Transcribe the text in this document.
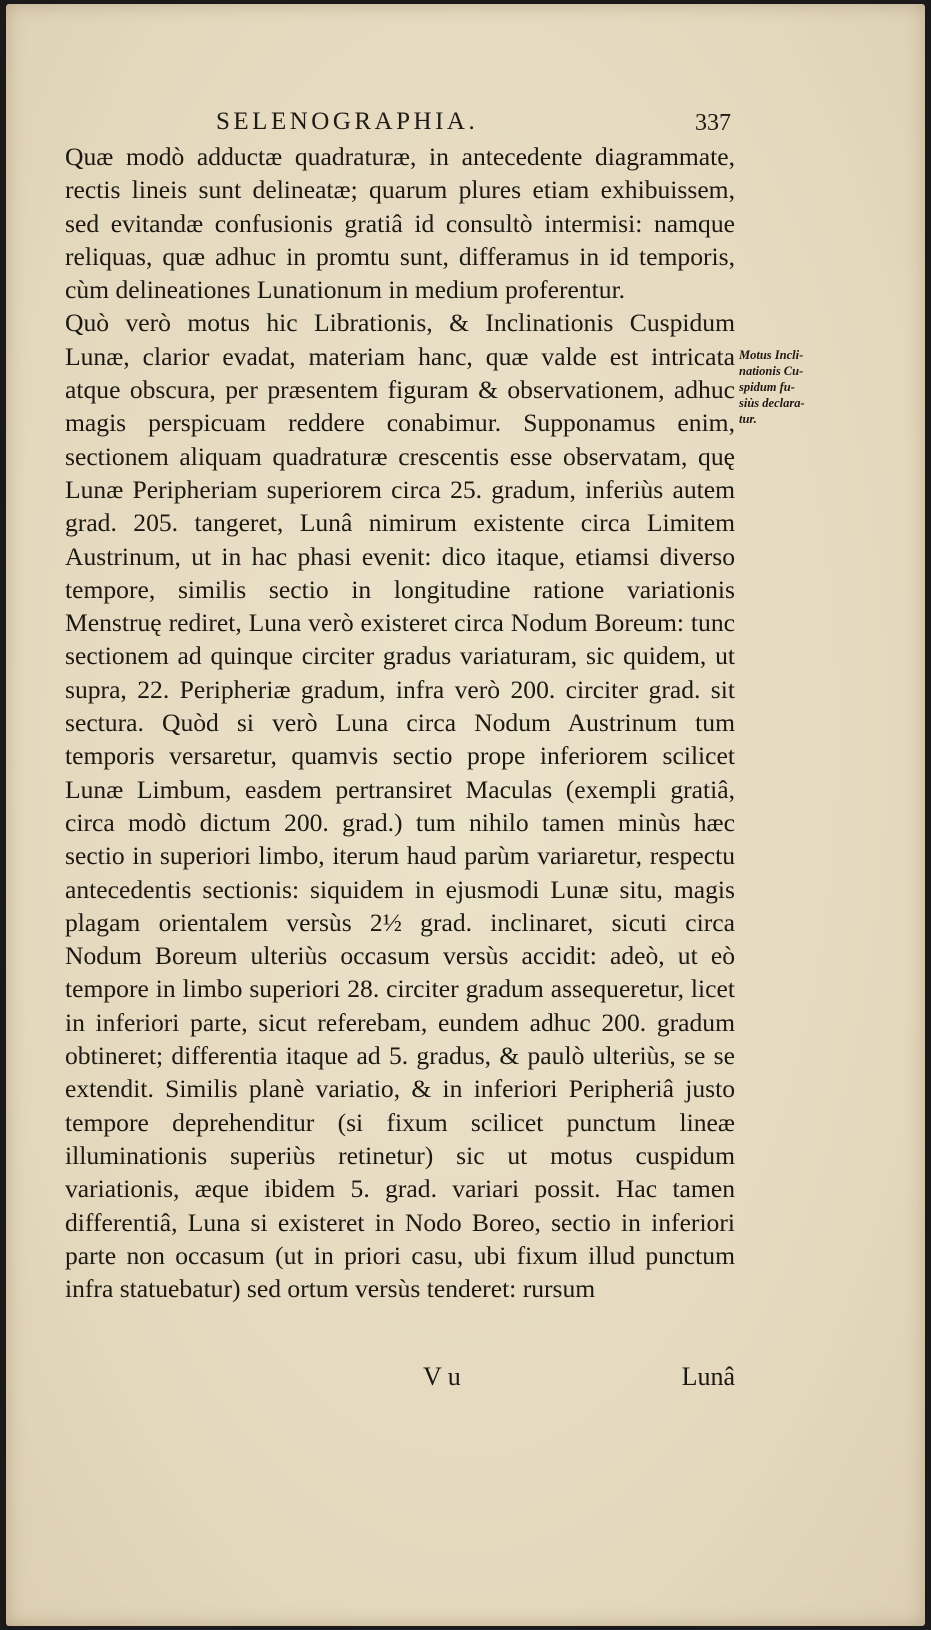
SELENOGRAPHIA.	337

Quæ modò adductæ quadraturæ, in antecedente diagrammate, rectis lineis sunt delineatæ; quarum plures etiam exhibuissem, sed evitandæ confusionis gratiâ id consultò intermisi: namque reliquas, quæ adhuc in promtu sunt, differamus in id temporis, cùm delineationes Lunationum in medium proferentur.

Quò verò motus hic Librationis, & Inclinationis Cuspidum Lunæ, clarior evadat, materiam hanc, quæ valde est intricata atque obscura, per præsentem figuram & observationem, adhuc magis perspicuam reddere conabimur. Supponamus enim, sectionem aliquam quadraturæ crescentis esse observatam, quę Lunæ Peripheriam superiorem circa 25. gradum, inferiùs autem grad. 205. tangeret, Lunâ nimirum existente circa Limitem Austrinum, ut in hac phasi evenit: dico itaque, etiamsi diverso tempore, similis sectio in longitudine ratione variationis Menstruę rediret, Luna verò existeret circa Nodum Boreum: tunc sectionem ad quinque circiter gradus variaturam, sic quidem, ut supra, 22. Peripheriæ gradum, infra verò 200. circiter grad. sit sectura. Quòd si verò Luna circa Nodum Austrinum tum temporis versaretur, quamvis sectio prope inferiorem scilicet Lunæ Limbum, easdem pertransiret Maculas (exempli gratiâ, circa modò dictum 200. grad.) tum nihilo tamen minùs hæc sectio in superiori limbo, iterum haud parùm variaretur, respectu antecedentis sectionis: siquidem in ejusmodi Lunæ situ, magis plagam orientalem versùs 2½ grad. inclinaret, sicuti circa Nodum Boreum ulteriùs occasum versùs accidit: adeò, ut eò tempore in limbo superiori 28. circiter gradum assequeretur, licet in inferiori parte, sicut referebam, eundem adhuc 200. gradum obtineret; differentia itaque ad 5. gradus, & paulò ulteriùs, se se extendit. Similis planè variatio, & in inferiori Peripheriâ justo tempore deprehenditur (si fixum scilicet punctum lineæ illuminationis superiùs retinetur) sic ut motus cuspidum variationis, æque ibidem 5. grad. variari possit. Hac tamen differentiâ, Luna si existeret in Nodo Boreo, sectio in inferiori parte non occasum (ut in priori casu, ubi fixum illud punctum infra statuebatur) sed ortum versùs tenderet: rursum

Motus Incli-
nationis Cu-
spidum fu-
siùs declara-
tur.
V u	Lunâ
